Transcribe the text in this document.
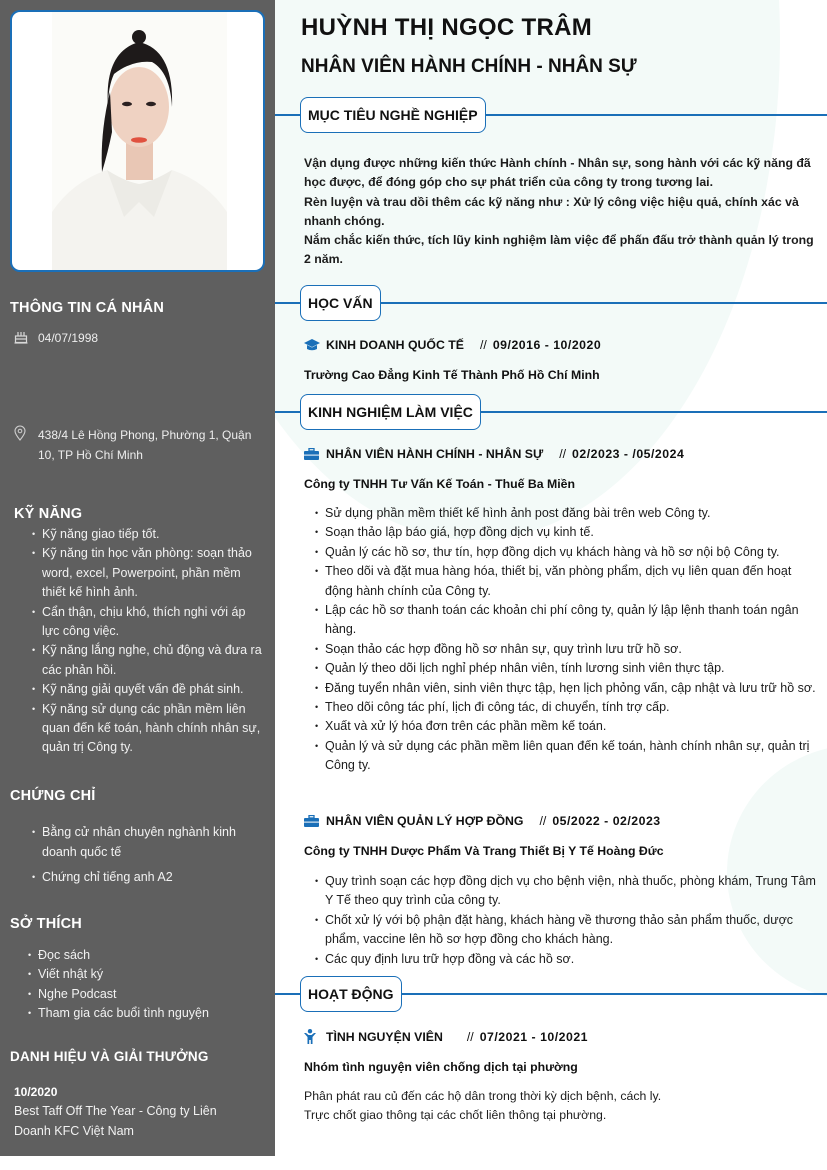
THÔNG TIN CÁ NHÂN
04/07/1998
438/4 Lê Hồng Phong, Phường 1, Quận 10, TP Hồ Chí Minh
KỸ NĂNG
• Kỹ năng giao tiếp tốt.
• Kỹ năng tin học văn phòng: soạn thảo word, excel, Powerpoint, phần mềm thiết kế hình ảnh.
• Cẩn thận, chịu khó, thích nghi với áp lực công việc.
• Kỹ năng lắng nghe, chủ động và đưa ra các phản hồi.
• Kỹ năng giải quyết vấn đề phát sinh.
• Kỹ năng sử dụng các phần mềm liên quan đến kế toán, hành chính nhân sự, quản trị Công ty.
CHỨNG CHỈ
• Bằng cử nhân chuyên nghành kinh doanh quốc tế
• Chứng chỉ tiếng anh A2
SỞ THÍCH
• Đọc sách
• Viết nhật ký
• Nghe Podcast
• Tham gia các buổi tình nguyện
DANH HIỆU VÀ GIẢI THƯỞNG
10/2020
Best Taff Off The Year - Công ty Liên Doanh KFC Việt Nam
HUỲNH THỊ NGỌC TRÂM
NHÂN VIÊN HÀNH CHÍNH - NHÂN SỰ
MỤC TIÊU NGHỀ NGHIỆP
Vận dụng được những kiến thức Hành chính - Nhân sự, song hành với các kỹ năng đã học được, để đóng góp cho sự phát triển của công ty trong tương lai.
Rèn luyện và trau dồi thêm các kỹ năng như : Xử lý công việc hiệu quả, chính xác và nhanh chóng.
Nắm chắc kiến thức, tích lũy kinh nghiệm làm việc để phấn đấu trở thành quản lý trong 2 năm.
HỌC VẤN
KINH DOANH QUỐC TẾ // 09/2016 - 10/2020
Trường Cao Đẳng Kinh Tế Thành Phố Hồ Chí Minh
KINH NGHIỆM LÀM VIỆC
NHÂN VIÊN HÀNH CHÍNH - NHÂN SỰ // 02/2023 - /05/2024
Công ty TNHH Tư Vấn Kế Toán - Thuế Ba Miền
• Sử dụng phần mềm thiết kế hình ảnh post đăng bài trên web Công ty.
• Soạn thảo lập báo giá, hợp đồng dịch vụ kinh tế.
• Quản lý các hồ sơ, thư tín, hợp đồng dịch vụ khách hàng và hồ sơ nội bộ Công ty.
• Theo dõi và đặt mua hàng hóa, thiết bị, văn phòng phẩm, dịch vụ liên quan đến hoạt động hành chính của Công ty.
• Lập các hồ sơ thanh toán các khoản chi phí công ty, quản lý lập lệnh thanh toán ngân hàng.
• Soạn thảo các hợp đồng hồ sơ nhân sự, quy trình lưu trữ hồ sơ.
• Quản lý theo dõi lịch nghỉ phép nhân viên, tính lương sinh viên thực tập.
• Đăng tuyển nhân viên, sinh viên thực tập, hẹn lịch phỏng vấn, cập nhật và lưu trữ hồ sơ.
• Theo dõi công tác phí, lịch đi công tác, di chuyển, tính trợ cấp.
• Xuất và xử lý hóa đơn trên các phần mềm kế toán.
• Quản lý và sử dụng các phần mềm liên quan đến kế toán, hành chính nhân sự, quản trị Công ty.
NHÂN VIÊN QUẢN LÝ HỢP ĐỒNG // 05/2022 - 02/2023
Công ty TNHH Dược Phẩm Và Trang Thiết Bị Y Tế Hoàng Đức
• Quy trình soạn các hợp đồng dịch vụ cho bệnh viện, nhà thuốc, phòng khám, Trung Tâm Y Tế theo quy trình của công ty.
• Chốt xử lý với bộ phận đặt hàng, khách hàng về thương thảo sản phẩm thuốc, dược phẩm, vaccine lên hồ sơ hợp đồng cho khách hàng.
• Các quy định lưu trữ hợp đồng và các hồ sơ.
HOẠT ĐỘNG
TÌNH NGUYỆN VIÊN // 07/2021 - 10/2021
Nhóm tình nguyện viên chống dịch tại phường
Phân phát rau củ đến các hộ dân trong thời kỳ dịch bệnh, cách ly.
Trực chốt giao thông tại các chốt liên thông tại phường.
